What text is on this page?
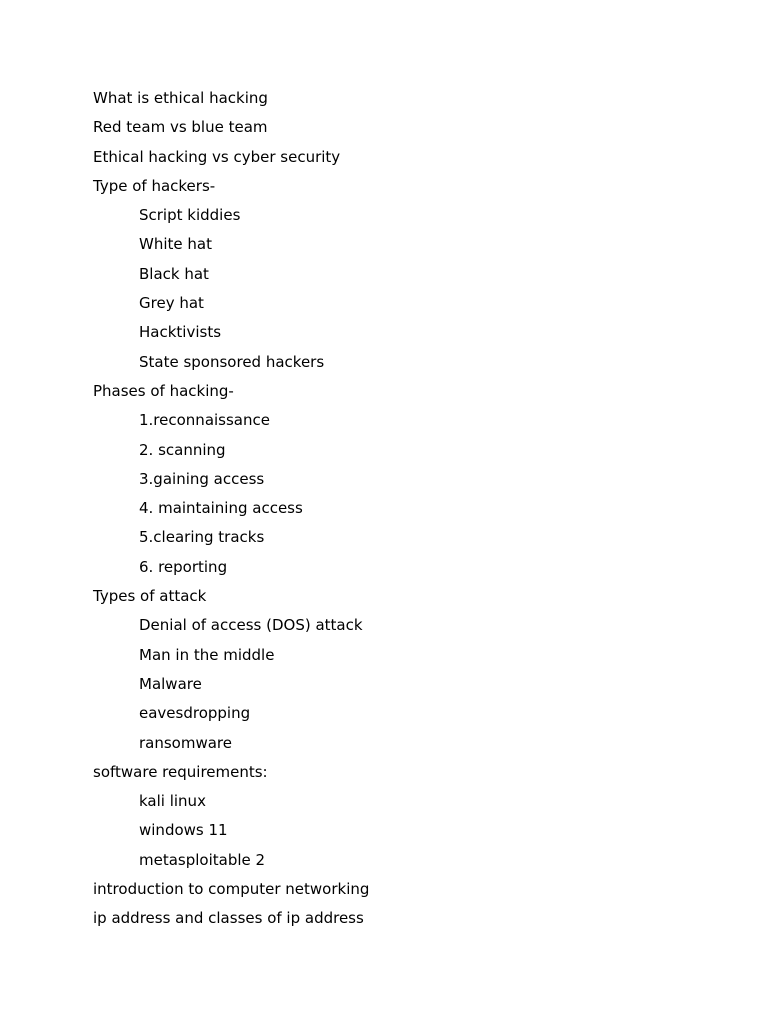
What is ethical hacking
Red team vs blue team
Ethical hacking vs cyber security
Type of hackers-
Script kiddies
White hat
Black hat
Grey hat
Hacktivists
State sponsored hackers
Phases of hacking-
1.reconnaissance
2. scanning
3.gaining access
4. maintaining access
5.clearing tracks
6. reporting
Types of attack
Denial of access (DOS) attack
Man in the middle
Malware
eavesdropping
ransomware
software requirements:
kali linux
windows 11
metasploitable 2
introduction to computer networking
ip address and classes of ip address
